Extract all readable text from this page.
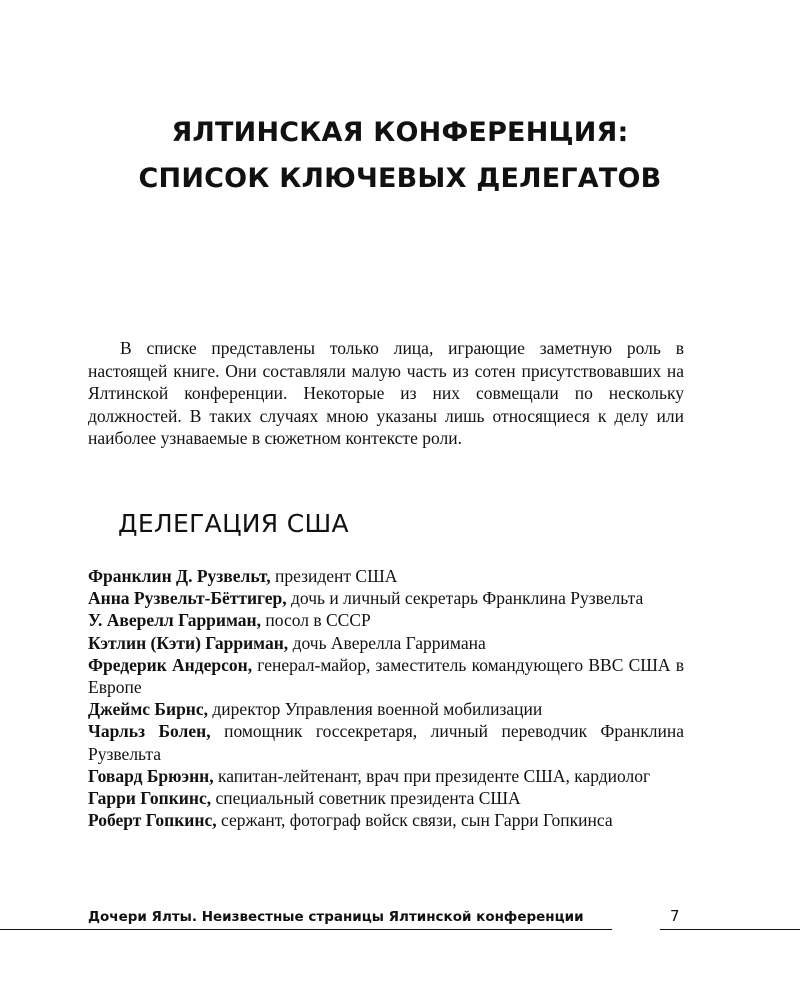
ЯЛТИНСКАЯ КОНФЕРЕНЦИЯ:
СПИСОК КЛЮЧЕВЫХ ДЕЛЕГАТОВ

В списке представлены только лица, играющие заметную роль в настоящей книге. Они составляли малую часть из сотен присутствовавших на Ялтинской конференции. Некоторые из них совмещали по нескольку должностей. В таких случаях мною указаны лишь относящиеся к делу или наиболее узнаваемые в сюжетном контексте роли.

ДЕЛЕГАЦИЯ США
Франклин Д. Рузвельт, президент США
Анна Рузвельт-Бёттигер, дочь и личный секретарь Франклина Рузвельта
У. Аверелл Гарриман, посол в СССР
Кэтлин (Кэти) Гарриман, дочь Аверелла Гарримана
Фредерик Андерсон, генерал-майор, заместитель командующего ВВС США в Европе
Джеймс Бирнс, директор Управления военной мобилизации
Чарльз Болен, помощник госсекретаря, личный переводчик Франклина Рузвельта
Говард Брюэнн, капитан-лейтенант, врач при президенте США, кардиолог
Гарри Гопкинс, специальный советник президента США
Роберт Гопкинс, сержант, фотограф войск связи, сын Гарри Гопкинса
Дочери Ялты. Неизвестные страницы Ялтинской конференции	7
